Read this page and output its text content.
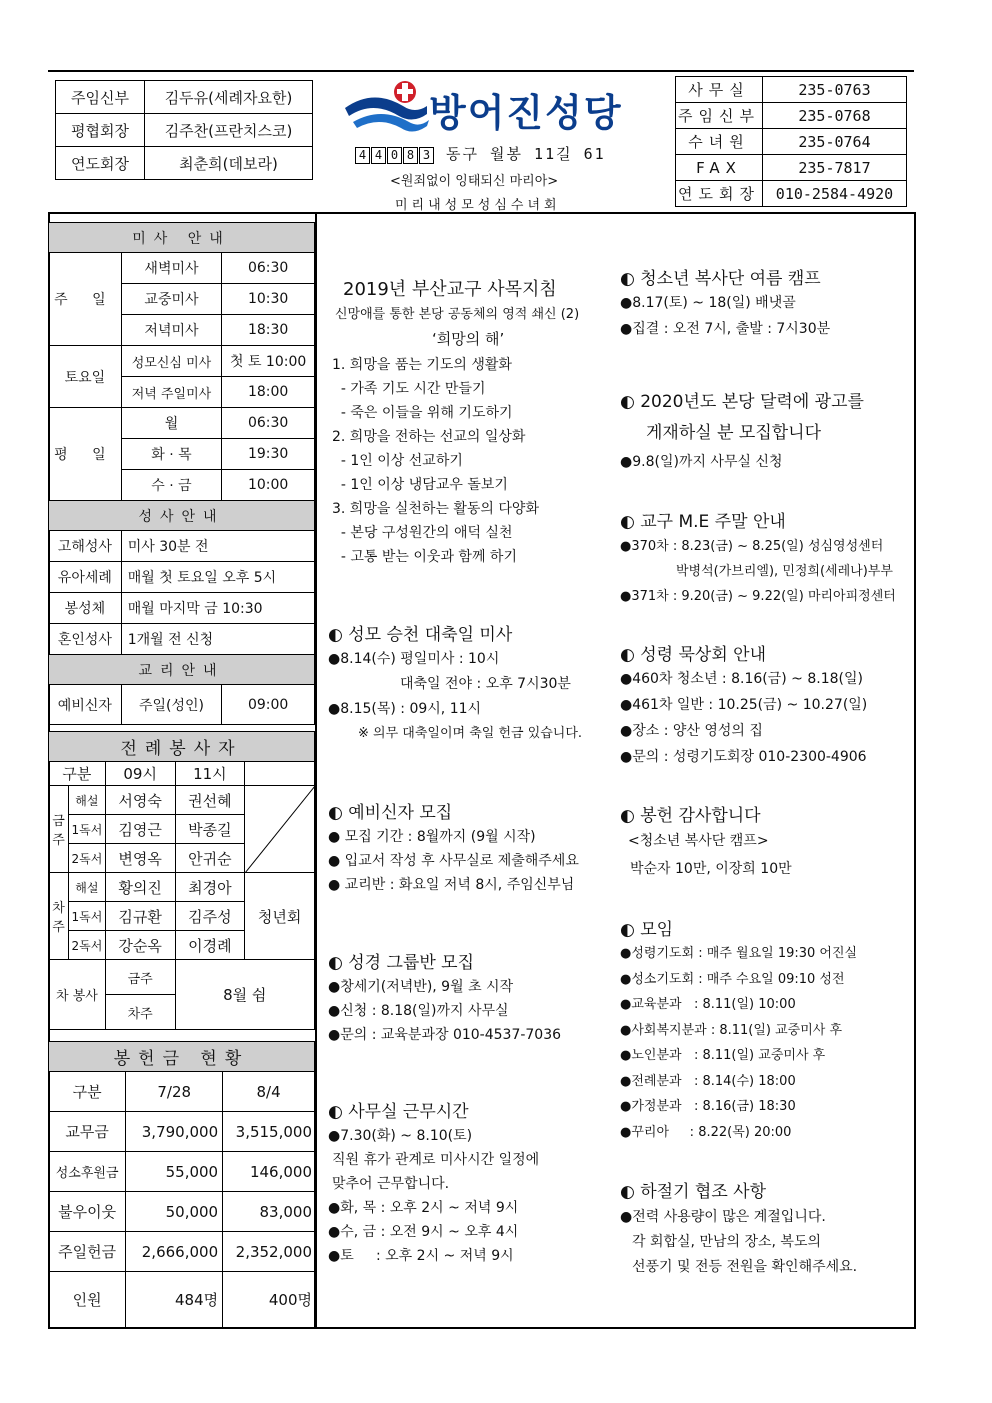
주임신부	김두유(세례자요한)
평협회장	김주찬(프란치스코)
연도회장	최춘희(데보라)
방어진성당
4 4 0 8 3 동구 월봉 11길 61
<원죄없이 잉태되신 마리아>
미리내성모성심수녀회
사무실	235-0763
주임신부	235-0768
수녀원	235-0764
FAX	235-7817
연도회장	010-2584-4920
미사 안내		
주 일	새벽미사	06:30
	교중미사	10:30
	저녁미사	18:30
토요일	성모신심 미사	첫 토 10:00
	저녁 주일미사	18:00
평 일	월	06:30
	화 · 목	19:30
	수 · 금	10:00
성사안내		
고해성사	미사 30분 전	
유아세례	매월 첫 토요일 오후 5시	
봉성체	매월 마지막 금 10:30	
혼인성사	1개월 전 신청	
교리안내		
예비신자	주일(성인)	09:00
전례봉사자				
구분		09시	11시	
금주	해설	서영숙	권선혜	

	1독서	김영근	박종길	
	2독서	변영옥	안귀순	
차주	해설	황의진	최경아	청년회
	1독서	김규환	김주성	
	2독서	강순옥	이경례	
차 봉사		금주	8월 쉼	
		차주		
봉헌금 현황		
구분	7/28	8/4
교무금	3,790,000	3,515,000
성소후원금	55,000	146,000
불우이웃	50,000	83,000
주일헌금	2,666,000	2,352,000
인원	484명	400명
2019년 부산교구 사목지침
신망애를 통한 본당 공동체의 영적 쇄신 (2)
‘희망의 해’
1. 희망을 품는 기도의 생활화
- 가족 기도 시간 만들기
- 죽은 이들을 위해 기도하기
2. 희망을 전하는 선교의 일상화
- 1인 이상 선교하기
- 1인 이상 냉담교우 돌보기
3. 희망을 실천하는 활동의 다양화
- 본당 구성원간의 애덕 실천
- 고통 받는 이웃과 함께 하기
◐ 성모 승천 대축일 미사
●8.14(수) 평일미사 : 10시
대축일 전야 : 오후 7시30분
●8.15(목) : 09시, 11시
※ 의무 대축일이며 축일 헌금 있습니다.
◐ 예비신자 모집
● 모집 기간 : 8월까지 (9월 시작)
● 입교서 작성 후 사무실로 제출해주세요
● 교리반 : 화요일 저녁 8시, 주임신부님
◐ 성경 그룹반 모집
●창세기(저녁반), 9월 초 시작
●신청 : 8.18(일)까지 사무실
●문의 : 교육분과장 010-4537-7036
◐ 사무실 근무시간
●7.30(화) ~ 8.10(토)
직원 휴가 관계로 미사시간 일정에
맞추어 근무합니다.
●화, 목 : 오후 2시 ~ 저녁 9시
●수, 금 : 오전 9시 ~ 오후 4시
●토     : 오후 2시 ~ 저녁 9시
◐ 청소년 복사단 여름 캠프
●8.17(토) ~ 18(일) 배냇골
●집결 : 오전 7시, 출발 : 7시30분
◐ 2020년도 본당 달력에 광고를
게재하실 분 모집합니다
●9.8(일)까지 사무실 신청
◐ 교구 M.E 주말 안내
●370차 : 8.23(금) ~ 8.25(일) 성심영성센터
박병석(가브리엘), 민정희(세레나)부부
●371차 : 9.20(금) ~ 9.22(일) 마리아피정센터
◐ 성령 묵상회 안내
●460차 청소년 : 8.16(금) ~ 8.18(일)
●461차 일반 : 10.25(금) ~ 10.27(일)
●장소 : 양산 영성의 집
●문의 : 성령기도회장 010-2300-4906
◐ 봉헌 감사합니다
<청소년 복사단 캠프>
박순자 10만, 이장희 10만
◐ 모임
●성령기도회 : 매주 월요일 19:30 어진실
●성소기도회 : 매주 수요일 09:10 성전
●교육분과   : 8.11(일) 10:00
●사회복지분과 : 8.11(일) 교중미사 후
●노인분과   : 8.11(일) 교중미사 후
●전례분과   : 8.14(수) 18:00
●가정분과   : 8.16(금) 18:30
●꾸리아     : 8.22(목) 20:00
◐ 하절기 협조 사항
●전력 사용량이 많은 계절입니다.
각 회합실, 만남의 장소, 복도의
선풍기 및 전등 전원을 확인해주세요.
